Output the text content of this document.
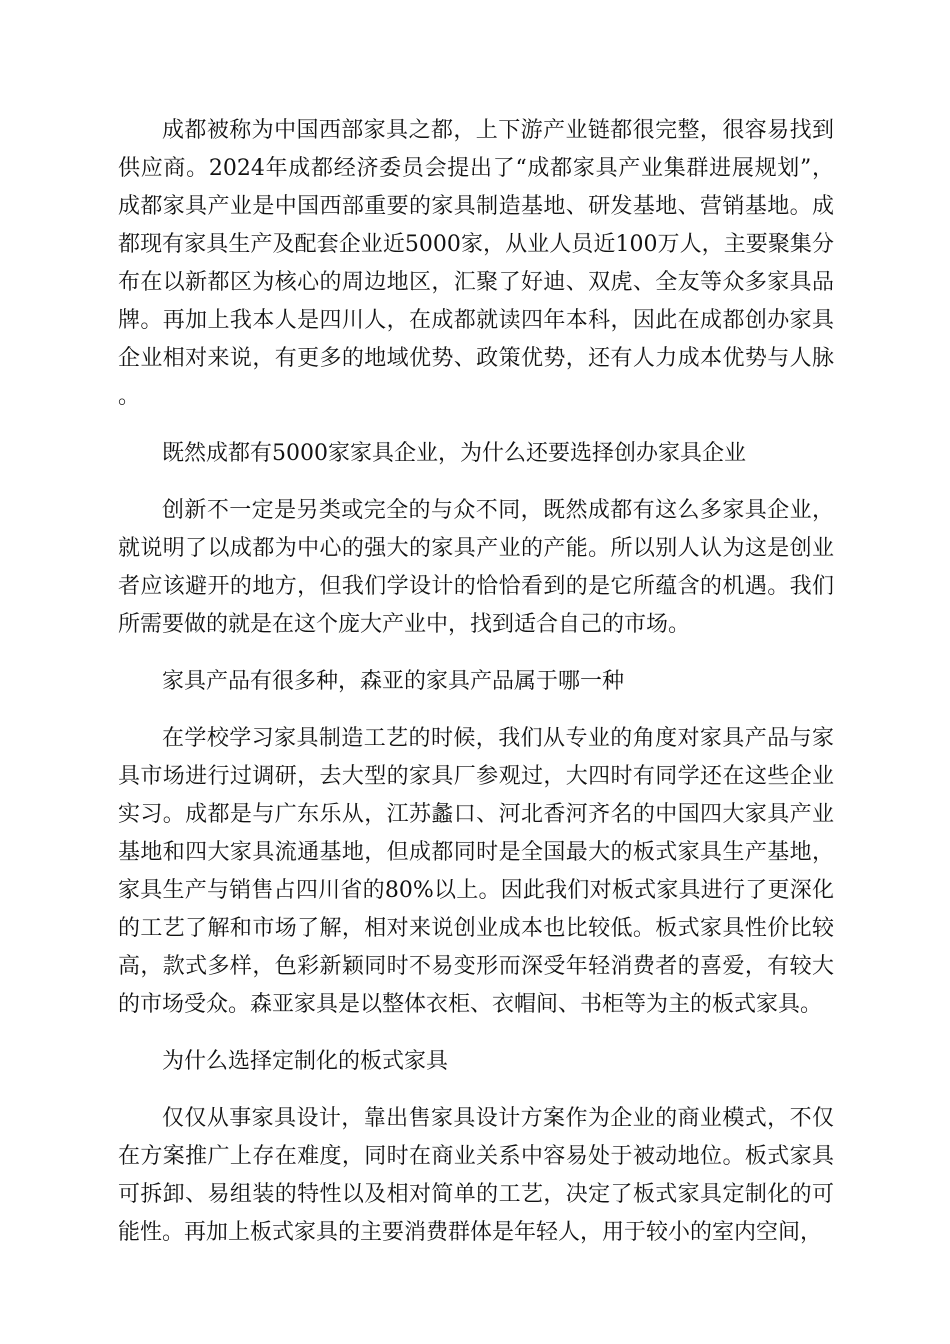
成都被称为中国西部家具之都，上下游产业链都很完整，很容易找到供应商。2024年成都经济委员会提出了“成都家具产业集群进展规划”，成都家具产业是中国西部重要的家具制造基地、研发基地、营销基地。成都现有家具生产及配套企业近5000家，从业人员近100万人，主要聚集分布在以新都区为核心的周边地区，汇聚了好迪、双虎、全友等众多家具品牌。再加上我本人是四川人，在成都就读四年本科，因此在成都创办家具企业相对来说，有更多的地域优势、政策优势，还有人力成本优势与人脉。

既然成都有5000家家具企业，为什么还要选择创办家具企业

创新不一定是另类或完全的与众不同，既然成都有这么多家具企业，就说明了以成都为中心的强大的家具产业的产能。所以别人认为这是创业者应该避开的地方，但我们学设计的恰恰看到的是它所蕴含的机遇。我们所需要做的就是在这个庞大产业中，找到适合自己的市场。

家具产品有很多种，森亚的家具产品属于哪一种

在学校学习家具制造工艺的时候，我们从专业的角度对家具产品与家具市场进行过调研，去大型的家具厂参观过，大四时有同学还在这些企业实习。成都是与广东乐从，江苏蠡口、河北香河齐名的中国四大家具产业基地和四大家具流通基地，但成都同时是全国最大的板式家具生产基地，家具生产与销售占四川省的80%以上。因此我们对板式家具进行了更深化的工艺了解和市场了解，相对来说创业成本也比较低。板式家具性价比较高，款式多样，色彩新颖同时不易变形而深受年轻消费者的喜爱，有较大的市场受众。森亚家具是以整体衣柜、衣帽间、书柜等为主的板式家具。

为什么选择定制化的板式家具

仅仅从事家具设计，靠出售家具设计方案作为企业的商业模式，不仅在方案推广上存在难度，同时在商业关系中容易处于被动地位。板式家具可拆卸、易组装的特性以及相对简单的工艺，决定了板式家具定制化的可能性。再加上板式家具的主要消费群体是年轻人，用于较小的室内空间，
